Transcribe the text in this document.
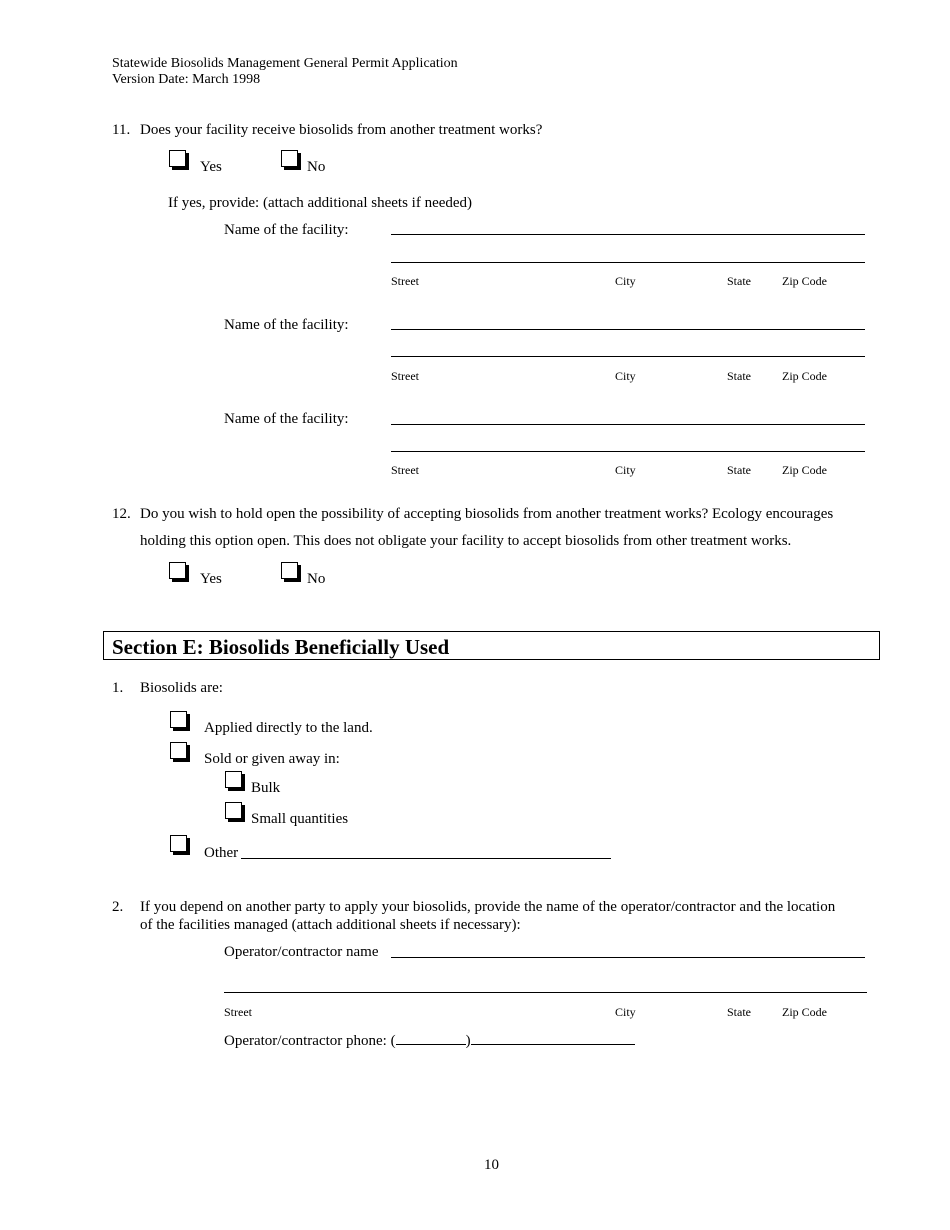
Statewide Biosolids Management General Permit Application
Version Date: March 1998
11. Does your facility receive biosolids from another treatment works?
Yes	No
If yes, provide: (attach additional sheets if needed)
Name of the facility:
Street	City	State	Zip Code
Name of the facility:
Street	City	State	Zip Code
Name of the facility:
Street	City	State	Zip Code
12. Do you wish to hold open the possibility of accepting biosolids from another treatment works? Ecology encourages
holding this option open. This does not obligate your facility to accept biosolids from other treatment works.
Yes	No
Section E: Biosolids Beneficially Used
1. Biosolids are:
Applied directly to the land.
Sold or given away in:
Bulk
Small quantities
Other
2. If you depend on another party to apply your biosolids, provide the name of the operator/contractor and the location
of the facilities managed (attach additional sheets if necessary):
Operator/contractor name
Street	City	State	Zip Code
Operator/contractor phone: (	)
10
